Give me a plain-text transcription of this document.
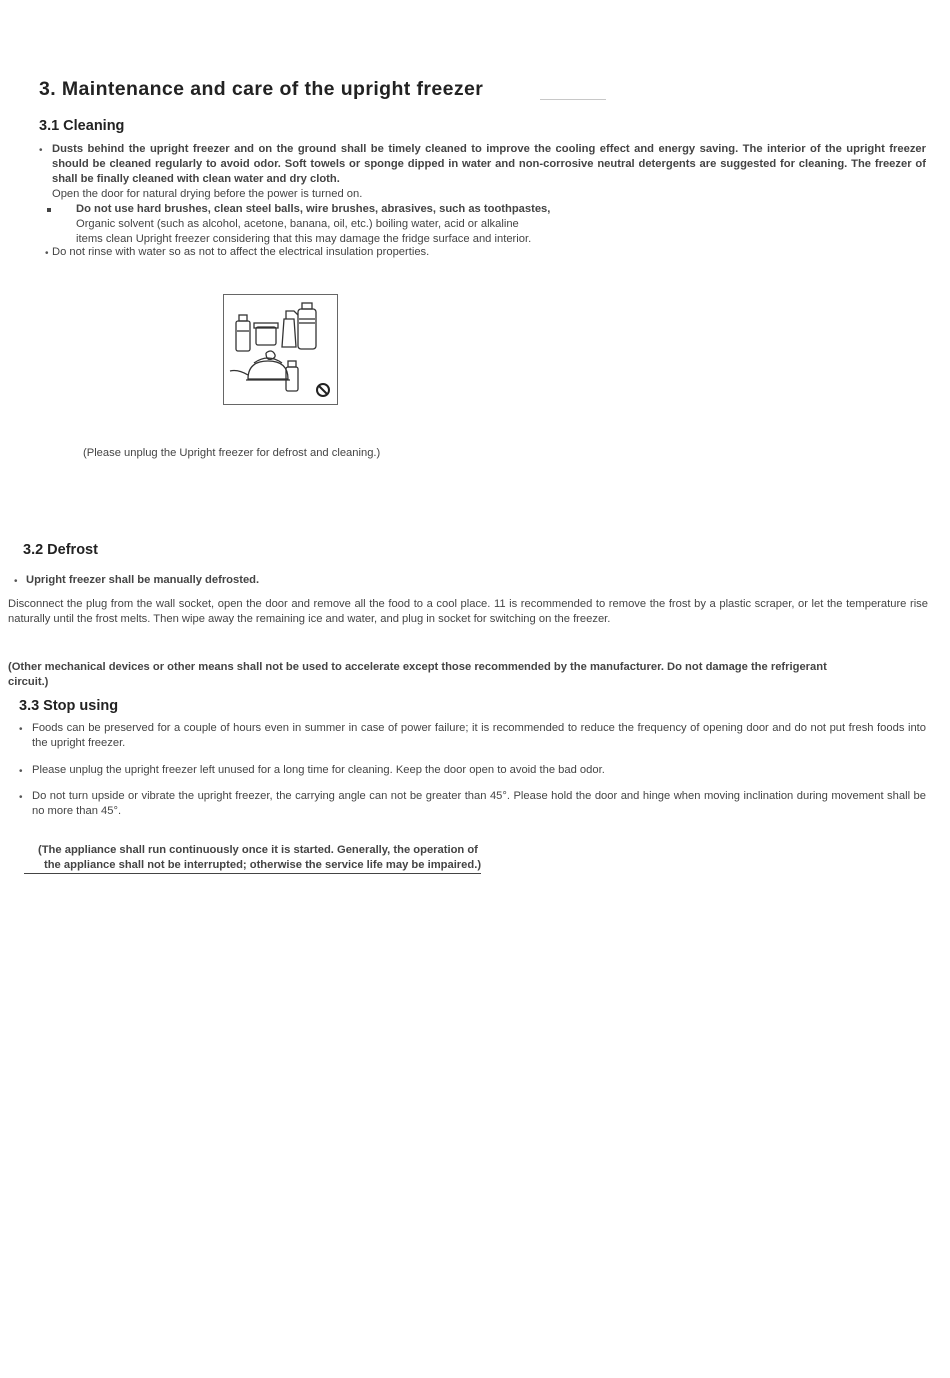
3. Maintenance and care of the upright freezer
3.1 Cleaning
• Dusts behind the upright freezer and on the ground shall be timely cleaned to improve the cooling effect and energy saving. The interior of the upright freezer should be cleaned regularly to avoid odor. Soft towels or sponge dipped in water and non-corrosive neutral detergents are suggested for cleaning. The freezer of shall be finally cleaned with clean water and dry cloth.
Open the door for natural drying before the power is turned on.
Do not use hard brushes, clean steel balls, wire brushes, abrasives, such as toothpastes,
Organic solvent (such as alcohol, acetone, banana, oil, etc.) boiling water, acid or alkaline
items clean Upright freezer considering that this may damage the fridge surface and interior.
• Do not rinse with water so as not to affect the electrical insulation properties.
(Please unplug the Upright freezer for defrost and cleaning.)
3.2 Defrost
• Upright freezer shall be manually defrosted.
Disconnect the plug from the wall socket, open the door and remove all the food to a cool place. 11 is recommended to remove the frost by a plastic scraper, or let the temperature rise naturally until the frost melts. Then wipe away the remaining ice and water, and plug in socket for switching on the freezer.
(Other mechanical devices or other means shall not be used to accelerate except those recommended by the manufacturer. Do not damage the refrigerant circuit.)
3.3 Stop using
• Foods can be preserved for a couple of hours even in summer in case of power failure; it is recommended to reduce the frequency of opening door and do not put fresh foods into the upright freezer.
• Please unplug the upright freezer left unused for a long time for cleaning. Keep the door open to avoid the bad odor.
• Do not turn upside or vibrate the upright freezer, the carrying angle can not be greater than 45°. Please hold the door and hinge when moving inclination during movement shall be no more than 45°.
(The appliance shall run continuously once it is started. Generally, the operation of
the appliance shall not be interrupted; otherwise the service life may be impaired.)
